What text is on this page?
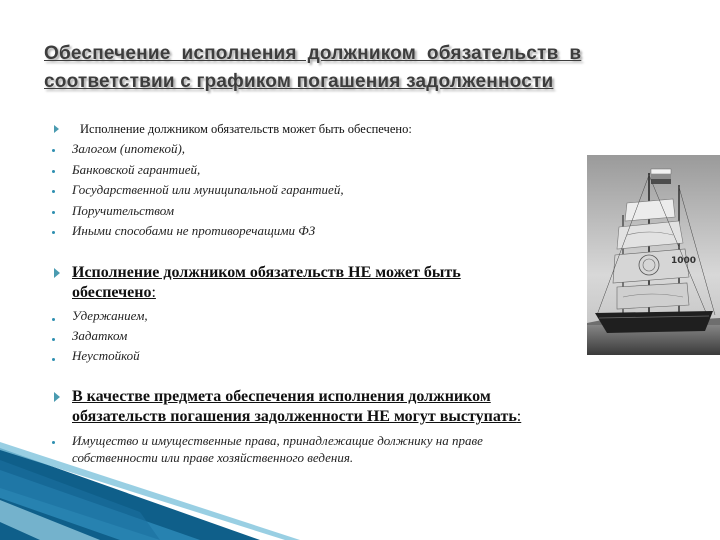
Обеспечение  исполнения  должником  обязательств  в
соответствии с графиком погашения задолженности
Исполнение должником обязательств может быть обеспечено:
Залогом (ипотекой),
Банковской гарантией,
Государственной или муниципальной гарантией,
Поручительством
Иными способами не противоречащими ФЗ
Исполнение должником обязательств НЕ может быть
обеспечено:
Удержанием,
Задатком
Неустойкой
В качестве предмета обеспечения исполнения должником
обязательств погашения задолженности НЕ могут выступать:
Имущество и имущественные права, принадлежащие должнику на праве
собственности или праве хозяйственного ведения.
1000
